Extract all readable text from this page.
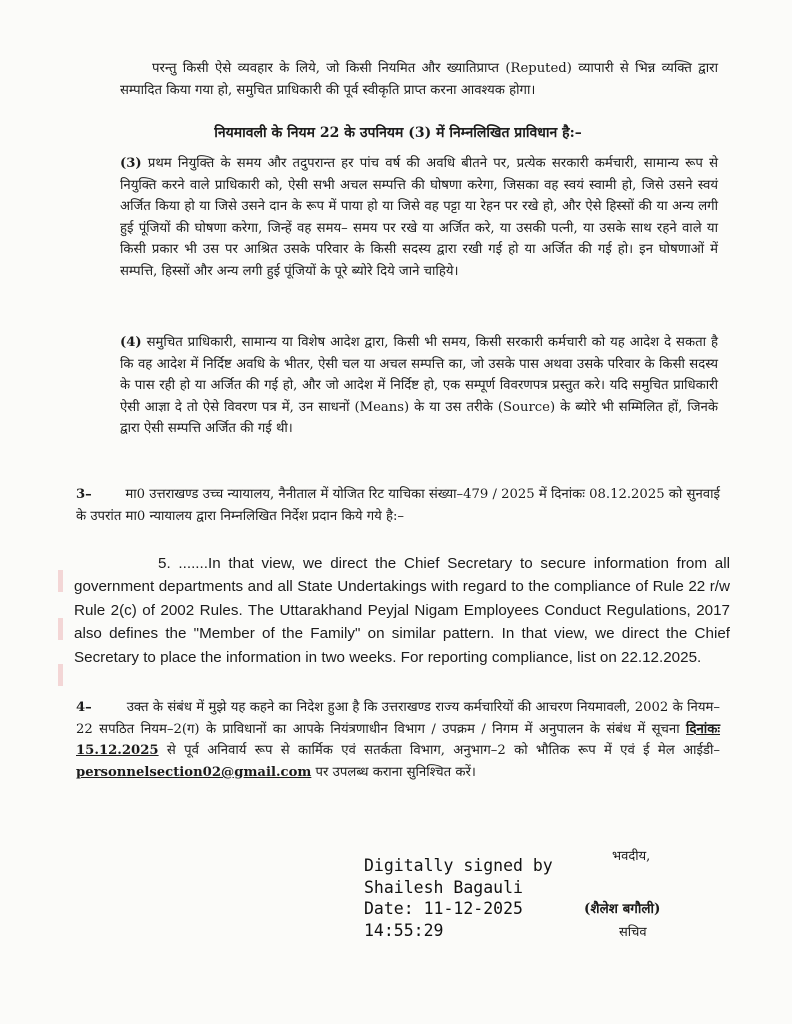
परन्तु किसी ऐसे व्यवहार के लिये, जो किसी नियमित और ख्यातिप्राप्त (Reputed) व्यापारी से भिन्न व्यक्ति द्वारा सम्पादित किया गया हो, समुचित प्राधिकारी की पूर्व स्वीकृति प्राप्त करना आवश्यक होगा।
नियमावली के नियम 22 के उपनियम (3) में निम्नलिखित प्राविधान है:–
(3) प्रथम नियुक्ति के समय और तदुपरान्त हर पांच वर्ष की अवधि बीतने पर, प्रत्येक सरकारी कर्मचारी, सामान्य रूप से नियुक्ति करने वाले प्राधिकारी को, ऐसी सभी अचल सम्पत्ति की घोषणा करेगा, जिसका वह स्वयं स्वामी हो, जिसे उसने स्वयं अर्जित किया हो या जिसे उसने दान के रूप में पाया हो या जिसे वह पट्टा या रेहन पर रखे हो, और ऐसे हिस्सों की या अन्य लगी हुई पूंजियों की घोषणा करेगा, जिन्हें वह समय– समय पर रखे या अर्जित करे, या उसकी पत्नी, या उसके साथ रहने वाले या किसी प्रकार भी उस पर आश्रित उसके परिवार के किसी सदस्य द्वारा रखी गई हो या अर्जित की गई हो। इन घोषणाओं में सम्पत्ति, हिस्सों और अन्य लगी हुई पूंजियों के पूरे ब्योरे दिये जाने चाहिये।
(4) समुचित प्राधिकारी, सामान्य या विशेष आदेश द्वारा, किसी भी समय, किसी सरकारी कर्मचारी को यह आदेश दे सकता है कि वह आदेश में निर्दिष्ट अवधि के भीतर, ऐसी चल या अचल सम्पत्ति का, जो उसके पास अथवा उसके परिवार के किसी सदस्य के पास रही हो या अर्जित की गई हो, और जो आदेश में निर्दिष्ट हो, एक सम्पूर्ण विवरणपत्र प्रस्तुत करे। यदि समुचित प्राधिकारी ऐसी आज्ञा दे तो ऐसे विवरण पत्र में, उन साधनों (Means) के या उस तरीके (Source) के ब्योरे भी सम्मिलित हों, जिनके द्वारा ऐसी सम्पत्ति अर्जित की गई थी।
3–	मा0 उत्तराखण्ड उच्च न्यायालय, नैनीताल में योजित रिट याचिका संख्या–479 / 2025 में दिनांकः 08.12.2025 को सुनवाई के उपरांत मा0 न्यायालय द्वारा निम्नलिखित निर्देश प्रदान किये गये है:–
5. .......In that view, we direct the Chief Secretary to secure information from all government departments and all State Undertakings with regard to the compliance of Rule 22 r/w Rule 2(c) of 2002 Rules. The Uttarakhand Peyjal Nigam Employees Conduct Regulations, 2017 also defines the "Member of the Family" on similar pattern. In that view, we direct the Chief Secretary to place the information in two weeks. For reporting compliance, list on 22.12.2025.
4–	उक्त के संबंध में मुझे यह कहने का निदेश हुआ है कि उत्तराखण्ड राज्य कर्मचारियों की आचरण नियमावली, 2002 के नियम–22 सपठित नियम–2(ग) के प्राविधानों का आपके नियंत्रणाधीन विभाग / उपक्रम / निगम में अनुपालन के संबंध में सूचना दिनांकः 15.12.2025 से पूर्व अनिवार्य रूप से कार्मिक एवं सतर्कता विभाग, अनुभाग–2 को भौतिक रूप में एवं ई मेल आईडी– personnelsection02@gmail.com पर उपलब्ध कराना सुनिश्चित करें।
Digitally signed by
Shailesh Bagauli
Date: 11-12-2025
14:55:29
भवदीय,
(शैलेश बगौली)
सचिव
